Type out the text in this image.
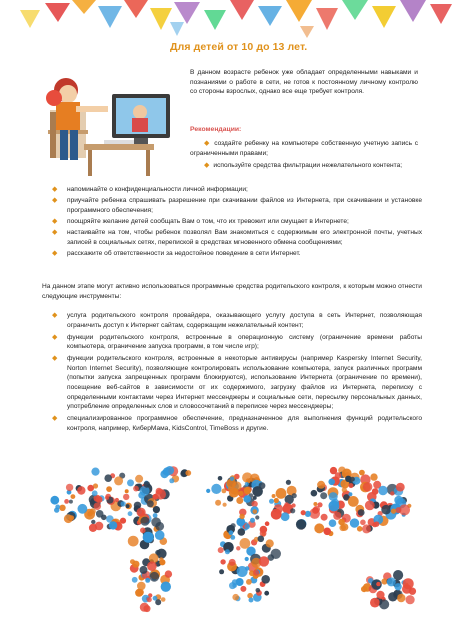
Для детей от 10 до 13 лет.
В данном возрасте ребенок уже обладает определенными навыками и познаниями о работе в сети, не готов к постоянному личному контролю со стороны взрослых, однако все еще требует контроля.
Рекомендации:

◆ создайте ребенку на компьютере собственную учетную запись с ограниченными правами;

◆ используйте средства фильтрации нежелательного контента;

◆ напоминайте о конфиденциальности личной информации;
◆ приучайте ребенка спрашивать разрешение при скачивании файлов из Интернета, при скачивании и установке программного обеспечения;
◆ поощряйте желание детей сообщать Вам о том, что их тревожит или смущает в Интернете;
◆ настаивайте на том, чтобы ребенок позволял Вам знакомиться с содержимым его электронной почты, учетных записей в социальных сетях, перепиской в средствах мгновенного обмена сообщениями;
◆ расскажите об ответственности за недостойное поведение в сети Интернет.
На данном этапе могут активно использоваться программные средства родительского контроля, к которым можно отнести следующие инструменты:
◆ услуга родительского контроля провайдера, оказывающего услугу доступа в сеть Интернет, позволяющая ограничить доступ к Интернет сайтам, содержащим нежелательный контент;
◆ функции родительского контроля, встроенные в операционную систему (ограничение времени работы компьютера, ограничение запуска программ, в том числе игр);
◆ функции родительского контроля, встроенные в некоторые антивирусы (например Kaspersky Internet Security, Norton Internet Security), позволяющие контролировать использование компьютера, запуск различных программ (попытки запуска запрещенных программ блокируются), использование Интернета (ограничение по времени), посещение веб-сайтов в зависимости от их содержимого, загрузку файлов из Интернета, переписку с определенными контактами через Интернет мессенджеры и социальные сети, пересылку персональных данных, употребление определенных слов и словосочетаний в переписке через мессенджеры;
◆ специализированное программное обеспечение, предназначенное для выполнения функций родительского контроля, например, КиберМама, KidsControl, TimeBoss и другие.
